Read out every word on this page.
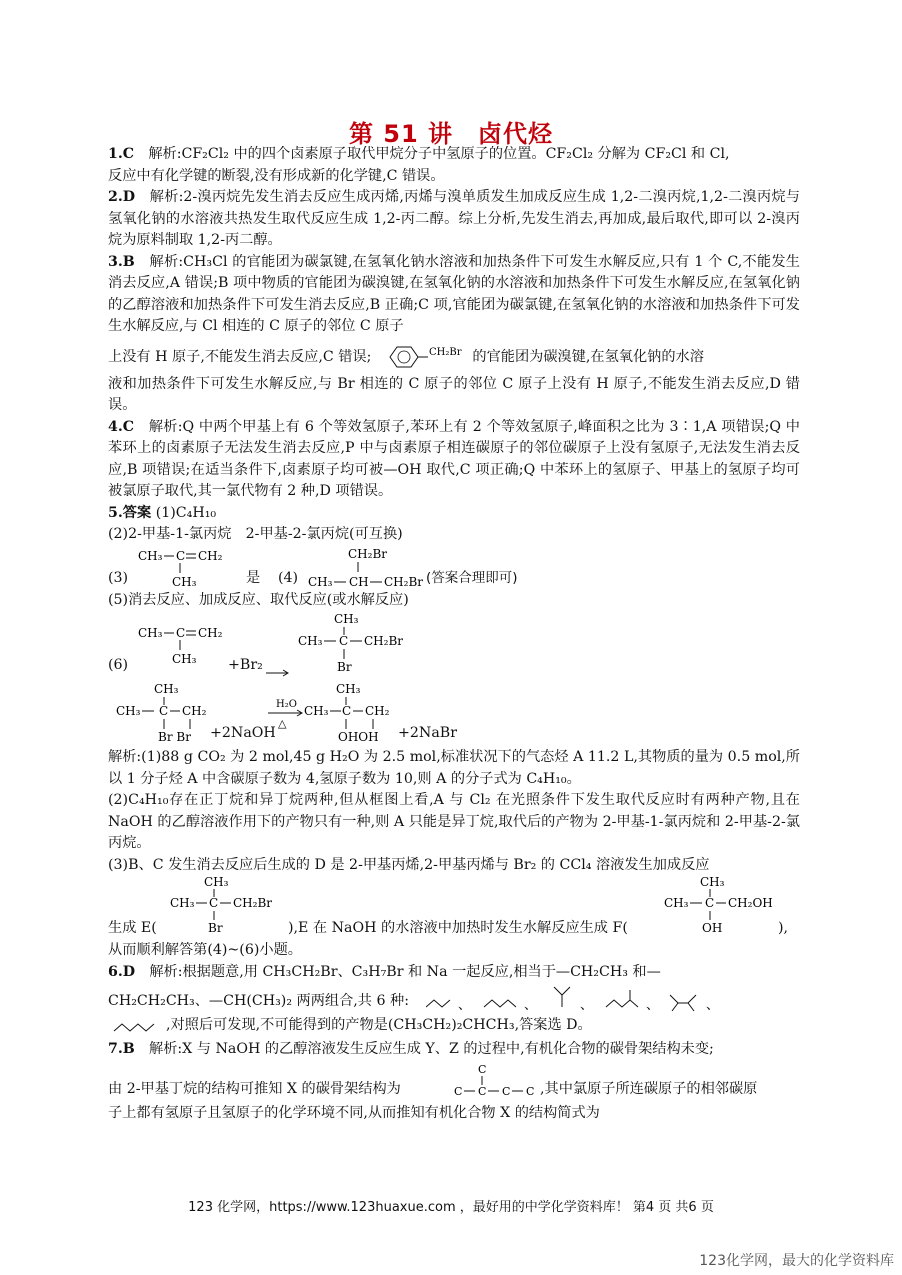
第 51 讲　卤代烃

1.C　 解析:CF₂Cl₂ 中的四个卤素原子取代甲烷分子中氢原子的位置。CF₂Cl₂ 分解为 CF₂Cl 和 Cl,

反应中有化学键的断裂,没有形成新的化学键,C 错误。

2.D　 解析:2-溴丙烷先发生消去反应生成丙烯,丙烯与溴单质发生加成反应生成 1,2-二溴丙烷,1,2-二溴丙烷与氢氧化钠的水溶液共热发生取代反应生成 1,2-丙二醇。综上分析,先发生消去,再加成,最后取代,即可以 2-溴丙烷为原料制取 1,2-丙二醇。

3.B　 解析:CH₃Cl 的官能团为碳氯键,在氢氧化钠水溶液和加热条件下可发生水解反应,只有 1 个 C,不能发生消去反应,A 错误;B 项中物质的官能团为碳溴键,在氢氧化钠的水溶液和加热条件下可发生水解反应,在氢氧化钠的乙醇溶液和加热条件下可发生消去反应,B 正确;C 项,官能团为碳氯键,在氢氧化钠的水溶液和加热条件下可发生水解反应,与 Cl 相连的 C 原子的邻位 C 原子

上没有 H 原子,不能发生消去反应,C 错误;	CH₂Br 的官能团为碳溴键,在氢氧化钠的水溶

液和加热条件下可发生水解反应,与 Br 相连的 C 原子的邻位 C 原子上没有 H 原子,不能发生消去反应,D 错误。

4.C　 解析:Q 中两个甲基上有 6 个等效氢原子,苯环上有 2 个等效氢原子,峰面积之比为 3∶1,A 项错误;Q 中苯环上的卤素原子无法发生消去反应,P 中与卤素原子相连碳原子的邻位碳原子上没有氢原子,无法发生消去反应,B 项错误;在适当条件下,卤素原子均可被—OH 取代,C 项正确;Q 中苯环上的氢原子、甲基上的氢原子均可被氯原子取代,其一氯代物有 2 种,D 项错误。

5.答案 (1)C₄H₁₀

(2)2-甲基-1-氯丙烷　2-甲基-2-氯丙烷(可互换)

CH₃ C CH₂
CH₃
CH₂Br
CH₃ CH CH₂Br
(3)	是 (4)	(答案合理即可)

(5)消去反应、加成反应、取代反应(或水解反应)

CH₃ C CH₂
CH₃
CH₃
CH₃ C CH₂Br
Br
(6)	+Br₂
CH₃
CH₃ C CH₂
Br Br
H₂O
△
CH₃
CH₃ C CH₂
OHOH
+2NaOH	+2NaBr

解析:(1)88 g CO₂ 为 2 mol,45 g H₂O 为 2.5 mol,标准状况下的气态烃 A 11.2 L,其物质的量为 0.5 mol,所以 1 分子烃 A 中含碳原子数为 4,氢原子数为 10,则 A 的分子式为 C₄H₁₀。

(2)C₄H₁₀存在正丁烷和异丁烷两种,但从框图上看,A 与 Cl₂ 在光照条件下发生取代反应时有两种产物,且在 NaOH 的乙醇溶液作用下的产物只有一种,则 A 只能是异丁烷,取代后的产物为 2-甲基-1-氯丙烷和 2-甲基-2-氯丙烷。

(3)B、C 发生消去反应后生成的 D 是 2-甲基丙烯,2-甲基丙烯与 Br₂ 的 CCl₄ 溶液发生加成反应

CH₃
CH₃ C CH₂Br
Br
CH₃
CH₃ C CH₂OH
OH
生成 E(	),E 在 NaOH 的水溶液中加热时发生水解反应生成 F(	),

从而顺利解答第(4)~(6)小题。

6.D　 解析:根据题意,用 CH₃CH₂Br、C₃H₇Br 和 Na 一起反应,相当于—CH₂CH₃ 和—

CH₂CH₂CH₃、—CH(CH₃)₂ 两两组合,共 6 种:	、	、	、	、	、
,对照后可发现,不可能得到的产物是(CH₃CH₂)₂CHCH₃,答案选 D。

7.B　 解析:X 与 NaOH 的乙醇溶液发生反应生成 Y、Z 的过程中,有机化合物的碳骨架结构未变;

由 2-甲基丁烷的结构可推知 X 的碳骨架结构为
C
C C C C ,其中氯原子所连碳原子的相邻碳原

子上都有氢原子且氢原子的化学环境不同,从而推知有机化合物 X 的结构简式为

123 化学网，https://www.123huaxue.com ，最好用的中学化学资料库！ 第4 页 共6 页
123化学网，最大的化学资料库
